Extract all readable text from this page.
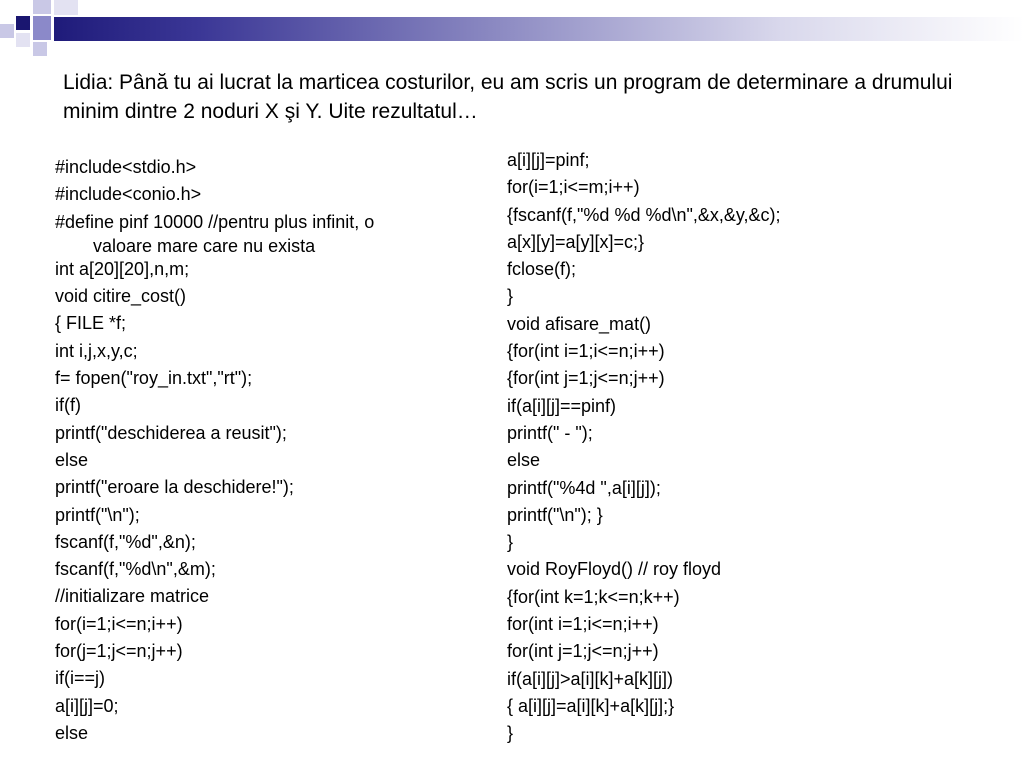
Lidia: Până tu ai lucrat la marticea costurilor, eu am scris un program de determinare a drumului minim dintre 2 noduri X şi Y. Uite rezultatul…

#include<stdio.h>
#include<conio.h>
#define pinf 10000 //pentru plus infinit, o
valoare mare care nu exista
int a[20][20],n,m;
void citire_cost()
{ FILE *f;
int i,j,x,y,c;
f= fopen("roy_in.txt","rt");
if(f)
printf("deschiderea a reusit");
else
printf("eroare la deschidere!");
printf("\n");
fscanf(f,"%d",&n);
fscanf(f,"%d\n",&m);
//initializare matrice
for(i=1;i<=n;i++)
for(j=1;j<=n;j++)
if(i==j)
a[i][j]=0;
else
a[i][j]=pinf;
for(i=1;i<=m;i++)
{fscanf(f,"%d %d %d\n",&x,&y,&c);
a[x][y]=a[y][x]=c;}
fclose(f);
}
void afisare_mat()
{for(int i=1;i<=n;i++)
{for(int j=1;j<=n;j++)
if(a[i][j]==pinf)
printf(" - ");
else
printf("%4d ",a[i][j]);
printf("\n"); }
}
void RoyFloyd() // roy floyd
{for(int k=1;k<=n;k++)
for(int i=1;i<=n;i++)
for(int j=1;j<=n;j++)
if(a[i][j]>a[i][k]+a[k][j])
{ a[i][j]=a[i][k]+a[k][j];}
}
